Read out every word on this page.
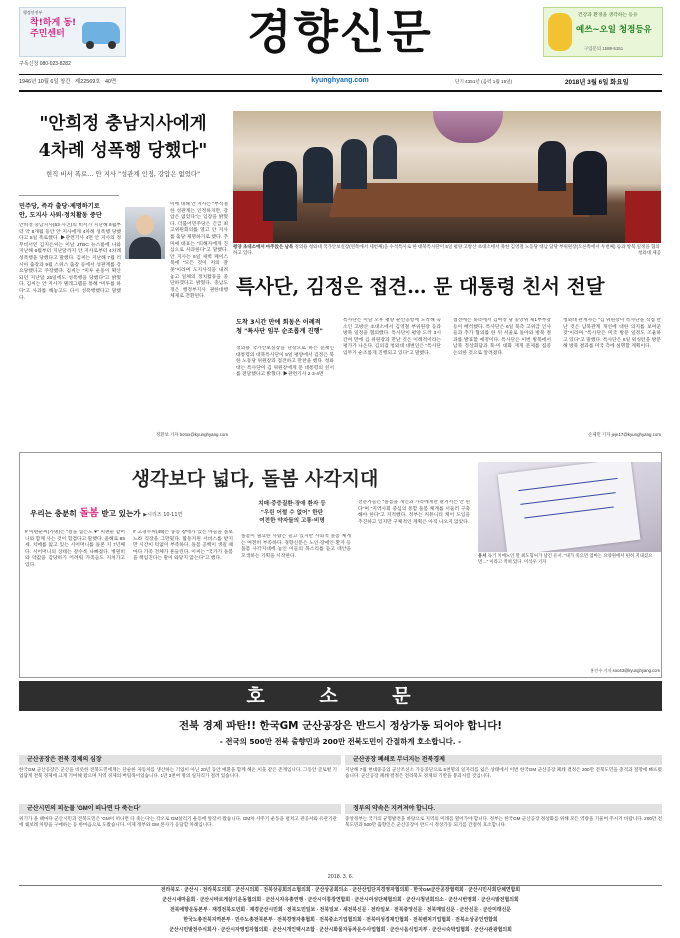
행정안전부
착!하게 동!주민센터	경향신문	건강과 환경을 생각하는 등유
예쓰~오일 청정등유
구입문의 1588-5151
구독신청 080-023-8282
1946년 10월 6일 창간 제22569호 40면	kyunghyang.com	단기 4351년 (음력 1월 19일)	2018년 3월 6일 화요일
"안희정 충남지사에게
4차례 성폭행 당했다"
현직 비서 폭로… 안 지사 "성관계 인정, 강압은 없었다"
민주당, 즉각 출당·제명하기로
안, 도지사 사퇴·정치활동 중단
안희정 충남지사(53·사진)의 비서가 지난해 6월부터 약 8개월 동안 안 지사에게 4차례 성폭행 당했다고 5일 폭로했다. ▶관련기사 4면 안 지사의 정무비서인 김지은씨는 이날 JTBC 뉴스룸에 나와 지난해 6월부터 지난달까지 안 지사로부터 4차례 성폭행을 당했다고 말했다. 김씨는 지난해 7월 러시아 출장과 9월 스위스 출장 등에서 성관계를 강요당했다고 주장했다. 김씨는 "미투 운동이 확산되던 지난달 25일에도 성폭행을 당했다"고 밝혔다. 김씨는 안 지사가 텔레그램을 통해 "미투를 하다"고 사과를 해놓고도 다시 성폭행했다고 말했다.
이에 대해 안 지사는 "부적절한 성관계는 인정하지만, 강압은 없었다"는 입장을 밝혔다. 더불어민주당은 긴급 최고위원회의를 열고 안 지사를 출당·제명하기로 했다. 추미애 대표는 "피해자에게 진심으로 사과한다"고 말했다. 안 지사는 6일 새벽 페이스북에 "모든 것이 저의 잘못"이라며 도지사직을 내려놓고 일체의 정치활동을 중단하겠다고 밝혔다. 충남도정은 행정부지사 권한대행 체제로 전환된다.
정환보 기자 botox@kyunghyang.com
평양 초대소에서 마주앉은 남북 정의용 청와대 국가안보실장(왼쪽에서 세번째)을 수석특사로 한 대북특사단이 5일 평양 고방산 초대소에서 북한 김영철 노동당 대남 담당 부위원장(오른쪽에서 두번째) 등과 방북 일정을 협의하고 있다.	청와대 제공
특사단, 김정은 접견… 문 대통령 친서 전달
도착 3시간 만에 회동은 이례적
청 "특사단 임무 순조롭게 진행"
정의용 국가안보실장을 단장으로 하는 문재인 대통령의 대북특사단이 5일 평양에서 김정은 북한 노동당 위원장과 접견하고 만찬을 했다. 청와대는 특사단이 김 위원장에게 문 대통령의 친서를 전달했다고 밝혔다. ▶관련기사 2·3·4면
특사단은 이날 오후 평양 순안공항에 도착해 숙소인 고방산 초대소에서 김영철 부위원장 등과 방북 일정을 협의했다. 특사단이 평양 도착 3시간여 만에 김 위원장과 만난 것은 이례적이라는 평가가 나온다. 김의겸 청와대 대변인은 "특사단 임무가 순조롭게 진행되고 있다"고 말했다.
접견에는 북측에서 김여정 당 중앙위 제1부부장 등이 배석했다. 특사단은 6일 북측 고위급 인사들과 추가 협의를 한 뒤 서울로 돌아와 방북 결과를 발표할 예정이다. 특사단은 이번 방북에서 남북 정상회담과 북·미 대화 재개 문제를 집중 논의한 것으로 알려졌다.
청와대 관계자는 "김 위원장이 특사단을 직접 만난 것은 남북관계 개선에 대한 의지를 보여준 것"이라며 "특사단은 미국 방문 일정도 조율하고 있다"고 말했다. 특사단은 8일 워싱턴을 방문해 방북 결과를 미국 측에 설명할 계획이다.
손제민 기자 jeje17@kyunghyang.com
생각보다 넓다, 돌봄 사각지대
우리는 충분히 돌봄 받고 있는가 ▶시리즈 10·11면
치매·중증질환·장애 환자 등
"우린 어쩔 수 없어" 한탄
여전한 약자들의 고통·비명
# 이편순씨(가명)는 "걸을 힐은도 ♥" 이편순 할머니와 함께 사는 것이 힘겹다고 말했다. 올해로 85세. 치매를 앓고 있는 시어머니를 돌본 지 7년째다. 시어머니의 상태는 갈수록 나빠졌다. 병원비와 약값을 감당하기 어려워 가족들도 지쳐가고 있다.
# 고경수씨(49)는 중증 장애가 있는 아들을 돌보느라 직장을 그만뒀다. 활동지원 서비스를 받지만 시간이 턱없이 부족하다. 돌봄 공백이 생길 때마다 가족 전체가 흔들린다. 이씨는 "국가가 돌봄을 책임진다는 말이 와닿지 않는다"고 했다.
돌봄이 필요한 사람은 늘고 있지만 사회적 돌봄 체계는 여전히 부족하다. 경향신문은 노인·장애인·환자 등 돌봄 사각지대에 놓인 이들의 목소리를 듣고 대안을 모색하는 기획을 시작한다.
전문가들은 "돌봄을 개인과 가족에게만 맡겨서는 안 된다"며 "지역사회 중심의 통합 돌봄 체계를 서둘러 구축해야 한다"고 지적했다. 정부는 커뮤니티 케어 도입을 추진하고 있지만 구체적인 계획은 아직 나오지 않았다.
유서 독거 치매노인 딸 최도형씨가 남긴 유서. "내가 죽으면 엄마는 요양원에서 편히 지내셨으면…" 이라고 적혀 있다. 이석우 기자
홍진수 기자 soo43@kyunghyang.com
호 소 문
전북 경제 파탄!! 한국GM 군산공장은 반드시 정상가동 되어야 합니다!
- 전국의 500만 전북 출향민과 200만 전북도민이 간절하게 호소합니다. -
군산공장은 전북 경제의 심장
한국GM 군산공장은 군산을 비롯한 전북도민에게는 단순한 자동차를 생산하는 기업이 아닌 20년 동안 애환을 함께 해온 이웃 같은 존재입니다. 그동안 글로벌 기업답게 전북 경제에 크게 기여해 왔으며 지역 경제의 버팀목이었습니다. 1만 3천여 명의 일자리가 걸려 있습니다.
군산공장 폐쇄로 무너지는 전북경제
지난해 7월 현대중공업 군산조선소 가동중단으로 5천명의 일자리를 잃은 상태에서 이번 한국GM 군산공장 폐쇄 결정은 200만 전북도민을 충격과 절망에 빠뜨렸습니다. 군산공장 폐쇄 결정은 전라북도 경제의 기반을 붕괴시킬 것입니다.
군산시민의 피눈물 'GM이 떠나면 다 죽는다'
위기가 올 때마다 군산시민과 전북도민은 'GM이 떠나면 다 죽는다'는 각오로 GM살리기 운동에 앞장서 왔습니다. GM차 사주기 운동을 펼치고 관공서와 유관기관에 쉐보레 차량을 구매하는 등 한마음으로 도왔습니다. 이제 정부와 GM 본사가 응답할 차례입니다.
정부의 약속은 지켜져야 합니다.
중앙정부는 국가의 균형발전을 바탕으로 지역의 미래를 열어가야 합니다. 정부는 한국GM 군산공장 정상화를 위해 모든 역량을 기울여 주시기 바랍니다. 200만 전북도민과 500만 출향인은 군산공장이 반드시 정상가동 되기를 간절히 호소합니다.
2018. 3. 6.
전라북도 · 군산시 · 전라북도의회 · 군산시의회 · 전북상공회의소협의회 · 군산상공회의소 · 군산산업단지경영자협의회 · 한국GM군산공장협력회 · 군산시민사회단체연합회
군산시새마을회 · 군산시바르게살기운동협의회 · 군산시자유총연맹 · 군산시이통장연합회 · 군산시여성단체협의회 · 군산시청년회의소 · 군산시번영회 · 군산시발전협의회
전북애향운동본부 · 재경전북도민회 · 재경군산시민회 · 전북도민일보 · 전북일보 · 새전북신문 · 전라일보 · 전북중앙신문 · 전북매일신문 · 군산신문 · 군산미래신문
한국노총전북지역본부 · 민주노총전북본부 · 전북경영자총협회 · 전북중소기업협의회 · 전북여성경제인협회 · 전북벤처기업협회 · 전북소상공인연합회
군산시민발전주식회사 · 군산시자영업자협의회 · 군산시개인택시조합 · 군산시화물자동차운수사업협회 · 군산시음식업지부 · 군산시숙박업협회 · 군산시관광협의회
